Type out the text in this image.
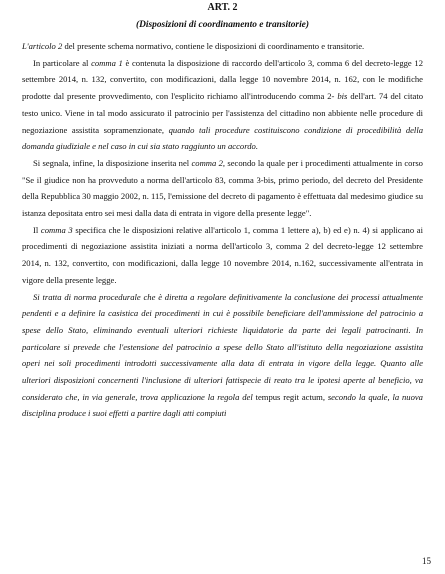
ART. 2
(Disposizioni di coordinamento e transitorie)

L'articolo 2 del presente schema normativo, contiene le disposizioni di coordinamento e transitorie.

In particolare al comma 1 è contenuta la disposizione di raccordo dell'articolo 3, comma 6 del decreto-legge 12 settembre 2014, n. 132, convertito, con modificazioni, dalla legge 10 novembre 2014, n. 162, con le modifiche prodotte dal presente provvedimento, con l'esplicito richiamo all'introducendo comma 2- bis dell'art. 74 del citato testo unico. Viene in tal modo assicurato il patrocinio per l'assistenza del cittadino non abbiente nelle procedure di negoziazione assistita sopramenzionate, quando tali procedure costituiscono condizione di procedibilità della domanda giudiziale e nel caso in cui sia stato raggiunto un accordo.

Si segnala, infine, la disposizione inserita nel comma 2, secondo la quale per i procedimenti attualmente in corso "Se il giudice non ha provveduto a norma dell'articolo 83, comma 3-bis, primo periodo, del decreto del Presidente della Repubblica 30 maggio 2002, n. 115, l'emissione del decreto di pagamento è effettuata dal medesimo giudice su istanza depositata entro sei mesi dalla data di entrata in vigore della presente legge".

Il comma 3 specifica che le disposizioni relative all'articolo 1, comma 1 lettere a), b) ed e) n. 4) si applicano ai procedimenti di negoziazione assistita iniziati a norma dell'articolo 3, comma 2 del decreto-legge 12 settembre 2014, n. 132, convertito, con modificazioni, dalla legge 10 novembre 2014, n.162, successivamente all'entrata in vigore della presente legge.

Si tratta di norma procedurale che è diretta a regolare definitivamente la conclusione dei processi attualmente pendenti e a definire la casistica dei procedimenti in cui è possibile beneficiare dell'ammissione del patrocinio a spese dello Stato, eliminando eventuali ulteriori richieste liquidatorie da parte dei legali patrocinanti. In particolare si prevede che l'estensione del patrocinio a spese dello Stato all'istituto della negoziazione assistita operi nei soli procedimenti introdotti successivamente alla data di entrata in vigore della legge. Quanto alle ulteriori disposizioni concernenti l'inclusione di ulteriori fattispecie di reato tra le ipotesi aperte al beneficio, va considerato che, in via generale, trova applicazione la regola del tempus regit actum, secondo la quale, la nuova disciplina produce i suoi effetti a partire dagli atti compiuti

15
